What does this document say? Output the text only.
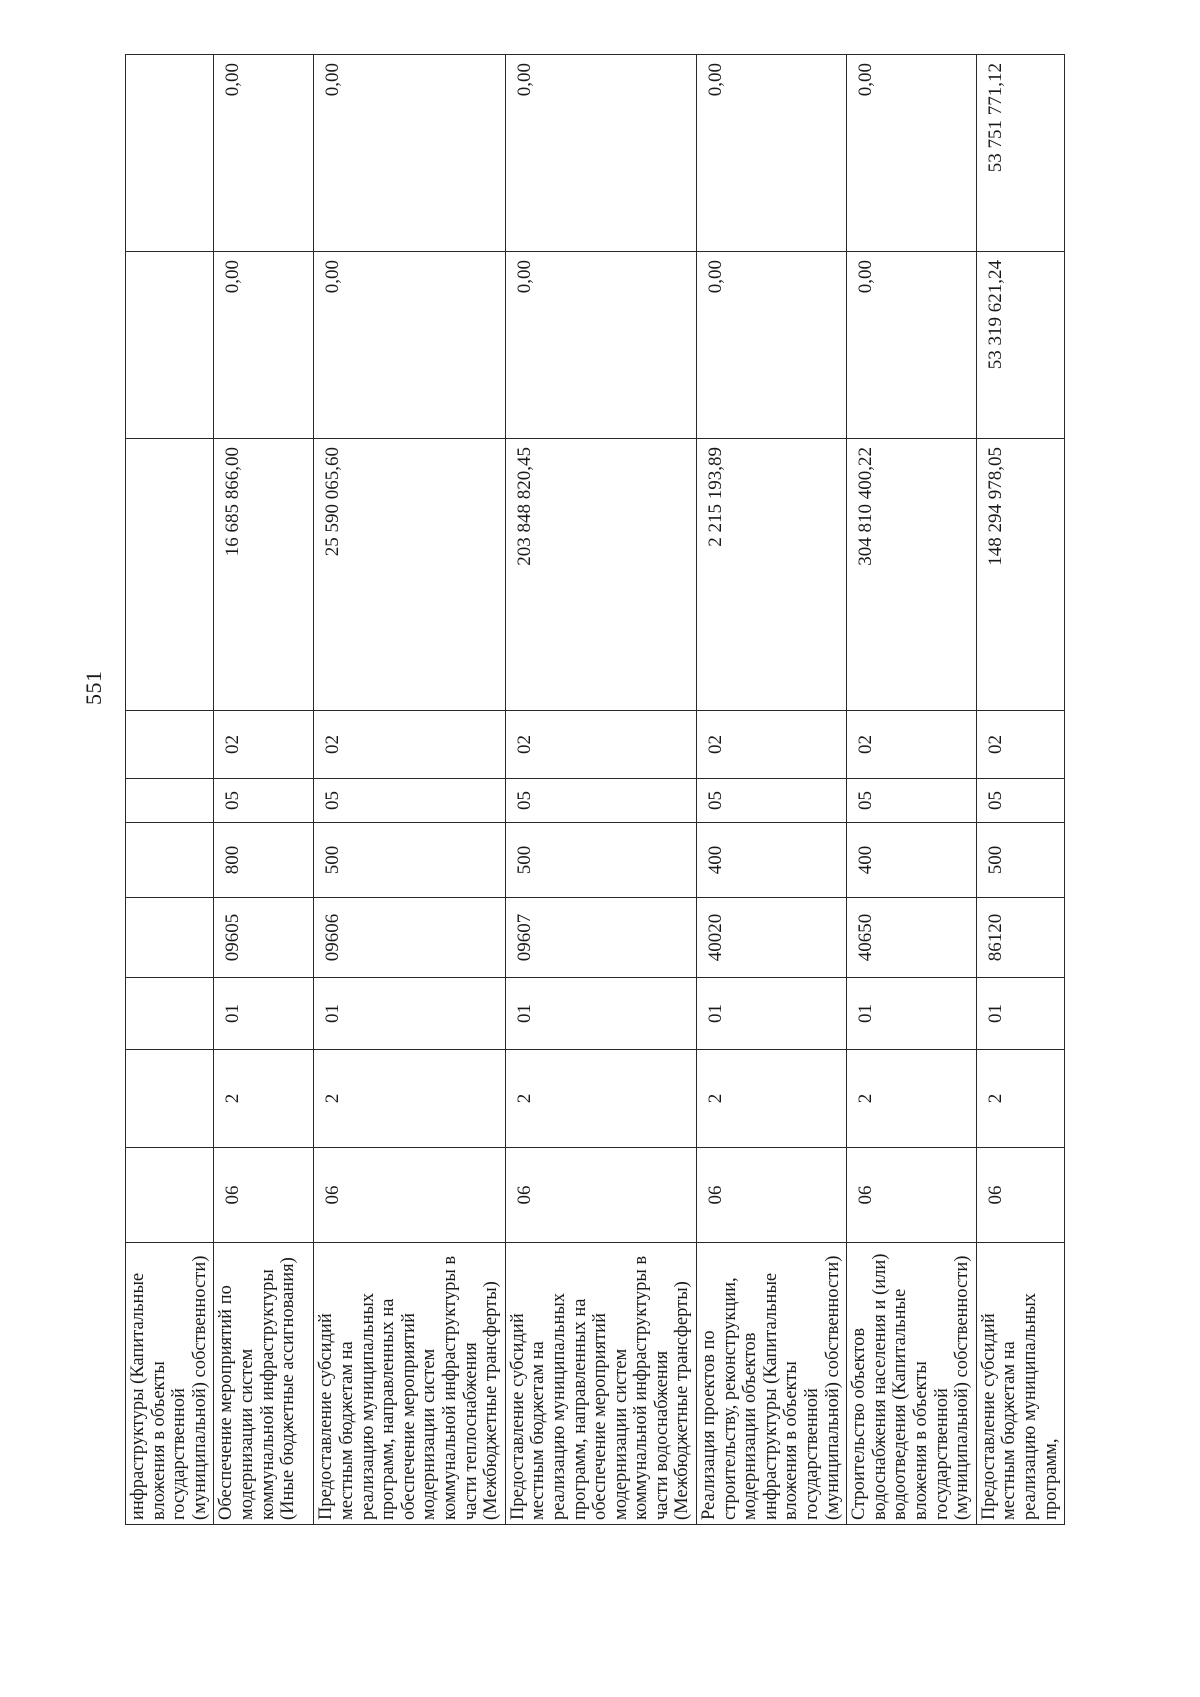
551
инфраструктуры (Капитальные вложения в объекты государственной (муниципальной) собственности)										
Обеспечение мероприятий по модернизации систем коммунальной инфраструктуры (Иные бюджетные ассигнования)	06	2	01	09605	800	05	02	16 685 866,00	0,00	0,00
Предоставление субсидий местным бюджетам на реализацию муниципальных программ, направленных на обеспечение мероприятий модернизации систем коммунальной инфраструктуры в части теплоснабжения (Межбюджетные трансферты)	06	2	01	09606	500	05	02	25 590 065,60	0,00	0,00
Предоставление субсидий местным бюджетам на реализацию муниципальных программ, направленных на обеспечение мероприятий модернизации систем коммунальной инфраструктуры в части водоснабжения (Межбюджетные трансферты)	06	2	01	09607	500	05	02	203 848 820,45	0,00	0,00
Реализация проектов по строительству, реконструкции, модернизации объектов инфраструктуры (Капитальные вложения в объекты государственной (муниципальной) собственности)	06	2	01	40020	400	05	02	2 215 193,89	0,00	0,00
Строительство объектов водоснабжения населения и (или) водоотведения (Капитальные вложения в объекты государственной (муниципальной) собственности)	06	2	01	40650	400	05	02	304 810 400,22	0,00	0,00
Предоставление субсидий местным бюджетам на реализацию муниципальных программ,	06	2	01	86120	500	05	02	148 294 978,05	53 319 621,24	53 751 771,12
